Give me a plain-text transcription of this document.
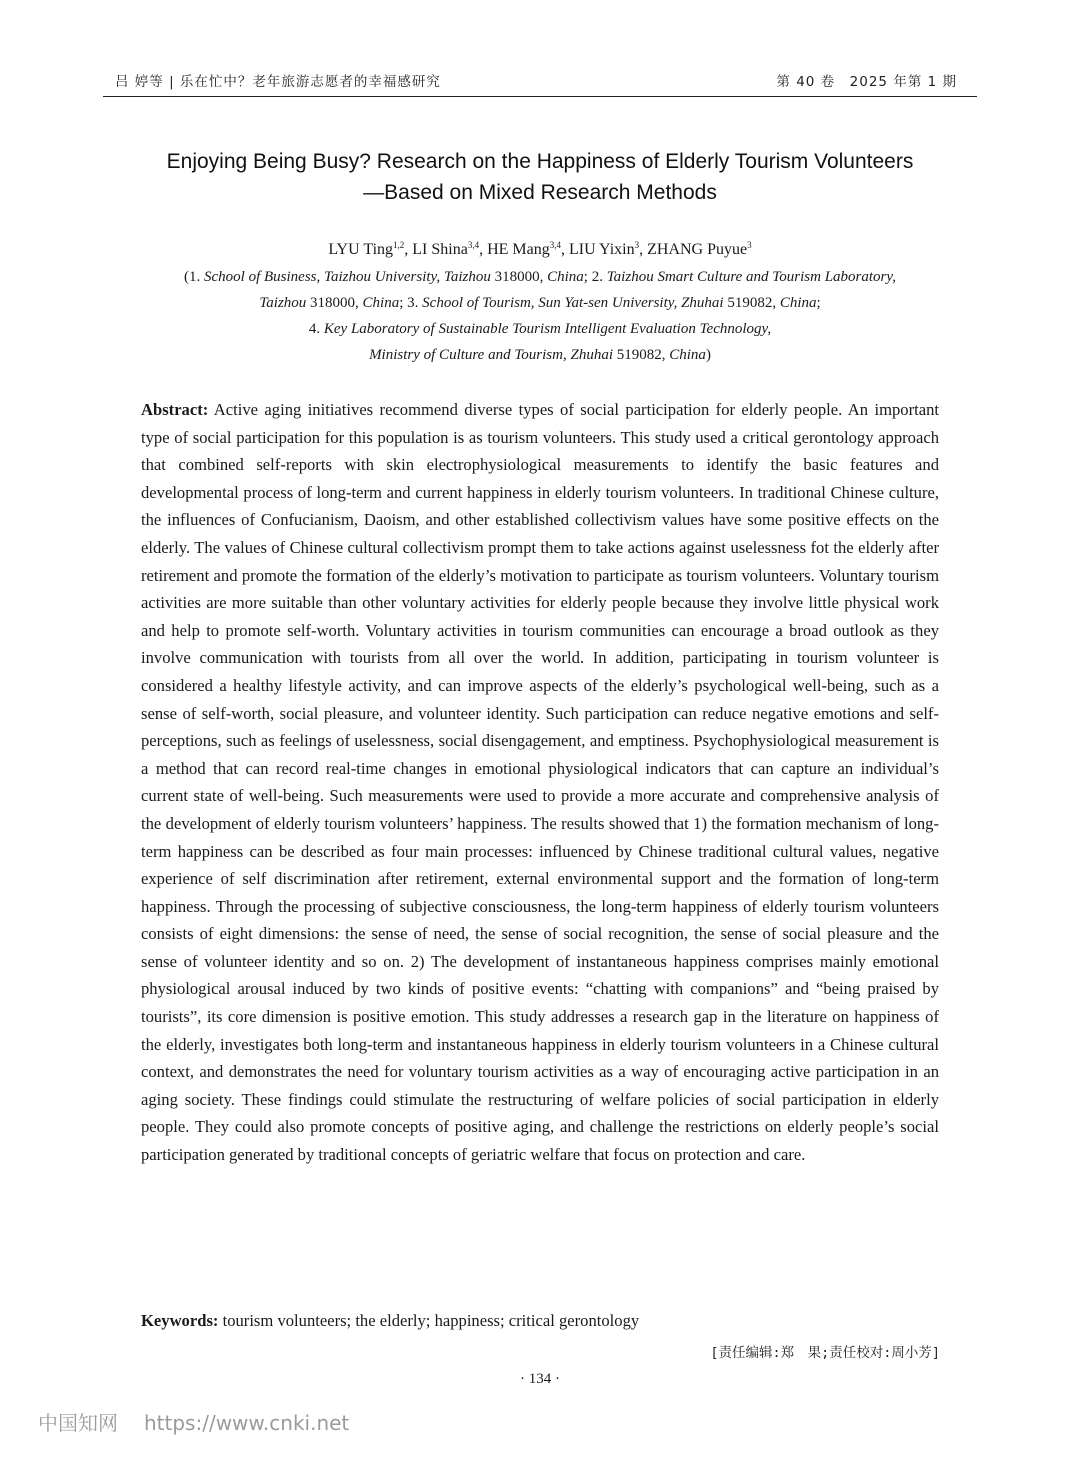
吕 婷等 | 乐在忙中？老年旅游志愿者的幸福感研究	第 40 卷　2025 年第 1 期
Enjoying Being Busy? Research on the Happiness of Elderly Tourism Volunteers
—Based on Mixed Research Methods
LYU Ting$^{1,2}$, LI Shina$^{3,4}$, HE Mang$^{3,4}$, LIU Yixin$^3$, ZHANG Puyue$^3$
(1. School of Business, Taizhou University, Taizhou 318000, China; 2. Taizhou Smart Culture and Tourism Laboratory,
Taizhou 318000, China; 3. School of Tourism, Sun Yat-sen University, Zhuhai 519082, China;
4. Key Laboratory of Sustainable Tourism Intelligent Evaluation Technology,
Ministry of Culture and Tourism, Zhuhai 519082, China)

Abstract: Active aging initiatives recommend diverse types of social participation for elderly people. An important type of social participation for this population is as tourism volunteers. This study used a critical gerontology approach that combined self-reports with skin electrophysiological measurements to identify the basic features and developmental process of long-term and current happiness in elderly tourism volunteers. In traditional Chinese culture, the influences of Confucianism, Daoism, and other established collectivism values have some positive effects on the elderly. The values of Chinese cultural collectivism prompt them to take actions against uselessness fot the elderly after retirement and promote the formation of the elderly’s motivation to participate as tourism volunteers. Voluntary tourism activities are more suitable than other voluntary activities for elderly people because they involve little physical work and help to promote self-worth. Voluntary activities in tourism communities can encourage a broad outlook as they involve communication with tourists from all over the world. In addition, participating in tourism volunteer is considered a healthy lifestyle activity, and can improve aspects of the elderly’s psychological well-being, such as a sense of self-worth, social pleasure, and volunteer identity. Such participation can reduce negative emotions and self-perceptions, such as feelings of uselessness, social disengagement, and emptiness. Psychophysiological measurement is a method that can record real-time changes in emotional physiological indicators that can capture an individual’s current state of well-being. Such measurements were used to provide a more accurate and comprehensive analysis of the development of elderly tourism volunteers’ happiness. The results showed that 1) the formation mechanism of long-term happiness can be described as four main processes: influenced by Chinese traditional cultural values, negative experience of self discrimination after retirement, external environmental support and the formation of long-term happiness. Through the processing of subjective consciousness, the long-term happiness of elderly tourism volunteers consists of eight dimensions: the sense of need, the sense of social recognition, the sense of social pleasure and the sense of volunteer identity and so on. 2) The development of instantaneous happiness comprises mainly emotional physiological arousal induced by two kinds of positive events: “chatting with companions” and “being praised by tourists”, its core dimension is positive emotion. This study addresses a research gap in the literature on happiness of the elderly, investigates both long-term and instantaneous happiness in elderly tourism volunteers in a Chinese cultural context, and demonstrates the need for voluntary tourism activities as a way of encouraging active participation in an aging society. These findings could stimulate the restructuring of welfare policies of social participation in elderly people. They could also promote concepts of positive aging, and challenge the restrictions on elderly people’s social participation generated by traditional concepts of geriatric welfare that focus on protection and care.

Keywords: tourism volunteers; the elderly; happiness; critical gerontology

[责任编辑:郑　果;责任校对:周小芳]
· 134 ·
中国知网 https://www.cnki.net
